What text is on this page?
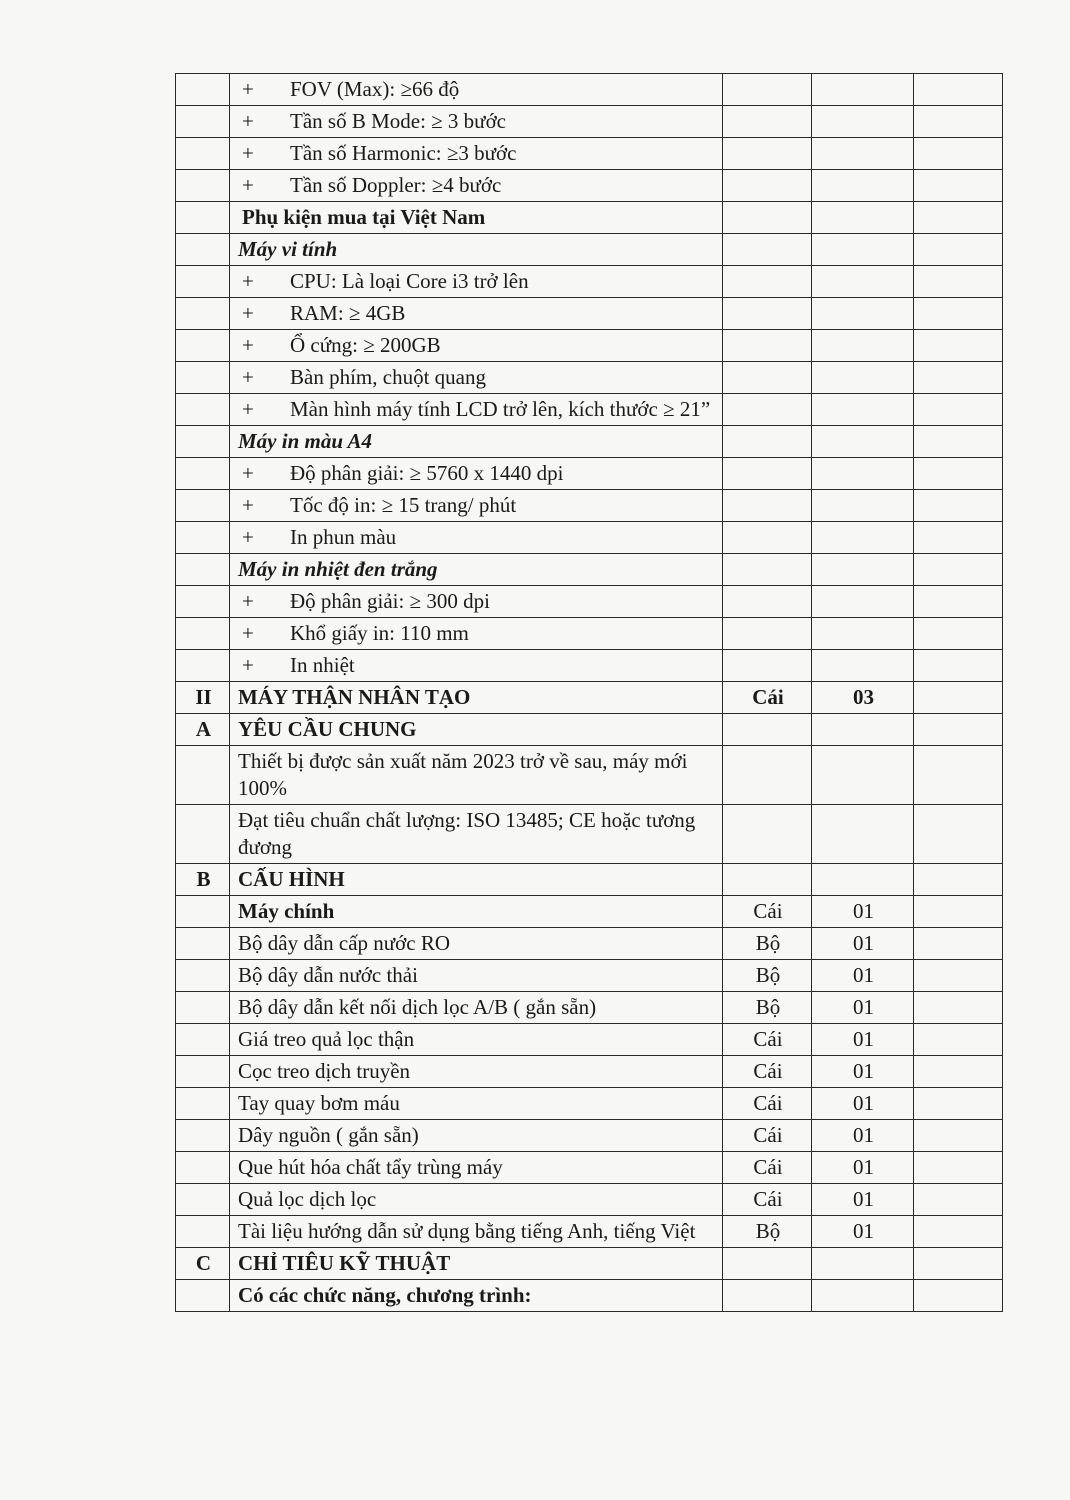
	+ FOV (Max): ≥66 độ			
	+ Tần số B Mode: ≥ 3 bước			
	+ Tần số Harmonic: ≥3 bước			
	+ Tần số Doppler: ≥4 bước			
	Phụ kiện mua tại Việt Nam			
	Máy vi tính			
	+ CPU: Là loại Core i3 trở lên			
	+ RAM: ≥ 4GB			
	+ Ổ cứng: ≥ 200GB			
	+ Bàn phím, chuột quang			
	+ Màn hình máy tính LCD trở lên, kích thước ≥ 21”			
	Máy in màu A4			
	+ Độ phân giải: ≥ 5760 x 1440 dpi			
	+ Tốc độ in: ≥ 15 trang/ phút			
	+ In phun màu			
	Máy in nhiệt đen trắng			
	+ Độ phân giải: ≥ 300 dpi			
	+ Khổ giấy in: 110 mm			
	+ In nhiệt			
II	MÁY THẬN NHÂN TẠO	Cái	03	
A	YÊU CẦU CHUNG			
	Thiết bị được sản xuất năm 2023 trở về sau, máy mới 100%			
	Đạt tiêu chuẩn chất lượng: ISO 13485; CE hoặc tương đương			
B	CẤU HÌNH			
	Máy chính	Cái	01	
	Bộ dây dẫn cấp nước RO	Bộ	01	
	Bộ dây dẫn nước thải	Bộ	01	
	Bộ dây dẫn kết nối dịch lọc A/B ( gắn sẵn)	Bộ	01	
	Giá treo quả lọc thận	Cái	01	
	Cọc treo dịch truyền	Cái	01	
	Tay quay bơm máu	Cái	01	
	Dây nguồn ( gắn sẵn)	Cái	01	
	Que hút hóa chất tẩy trùng máy	Cái	01	
	Quả lọc dịch lọc	Cái	01	
	Tài liệu hướng dẫn sử dụng bằng tiếng Anh, tiếng Việt	Bộ	01	
C	CHỈ TIÊU KỸ THUẬT			
	Có các chức năng, chương trình:			
